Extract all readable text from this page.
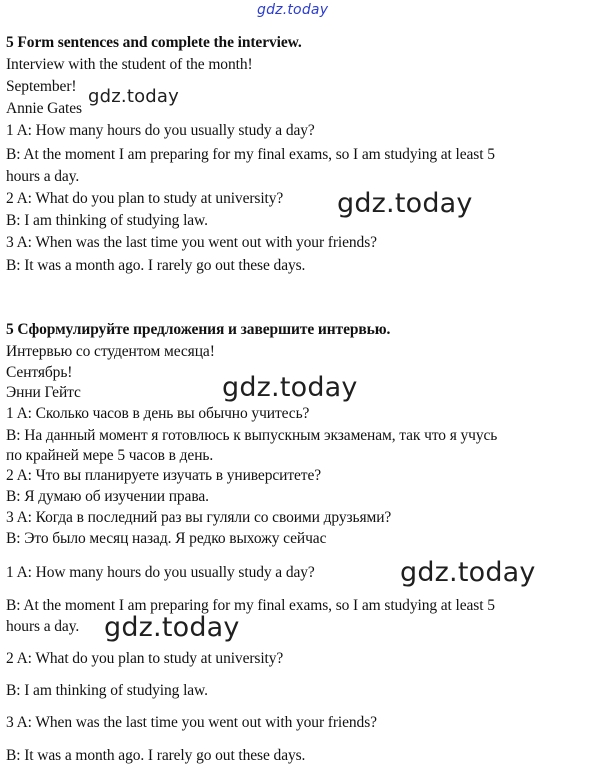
gdz.today
gdz.today
gdz.today
gdz.today
gdz.today
gdz.today
5 Form sentences and complete the interview.
Interview with the student of the month!
September!
Annie Gates
1 A: How many hours do you usually study a day?
B: At the moment I am preparing for my final exams, so I am studying at least 5
hours a day.
2 A: What do you plan to study at university?
B: I am thinking of studying law.
3 A: When was the last time you went out with your friends?
B: It was a month ago. I rarely go out these days.
5 Сформулируйте предложения и завершите интервью.
Интервью со студентом месяца!
Сентябрь!
Энни Гейтс
1 A: Сколько часов в день вы обычно учитесь?
B: На данный момент я готовлюсь к выпускным экзаменам, так что я учусь
по крайней мере 5 часов в день.
2 A: Что вы планируете изучать в университете?
B: Я думаю об изучении права.
3 A: Когда в последний раз вы гуляли со своими друзьями?
B: Это было месяц назад. Я редко выхожу сейчас
1 A: How many hours do you usually study a day?
B: At the moment I am preparing for my final exams, so I am studying at least 5
hours a day.
2 A: What do you plan to study at university?
B: I am thinking of studying law.
3 A: When was the last time you went out with your friends?
B: It was a month ago. I rarely go out these days.
